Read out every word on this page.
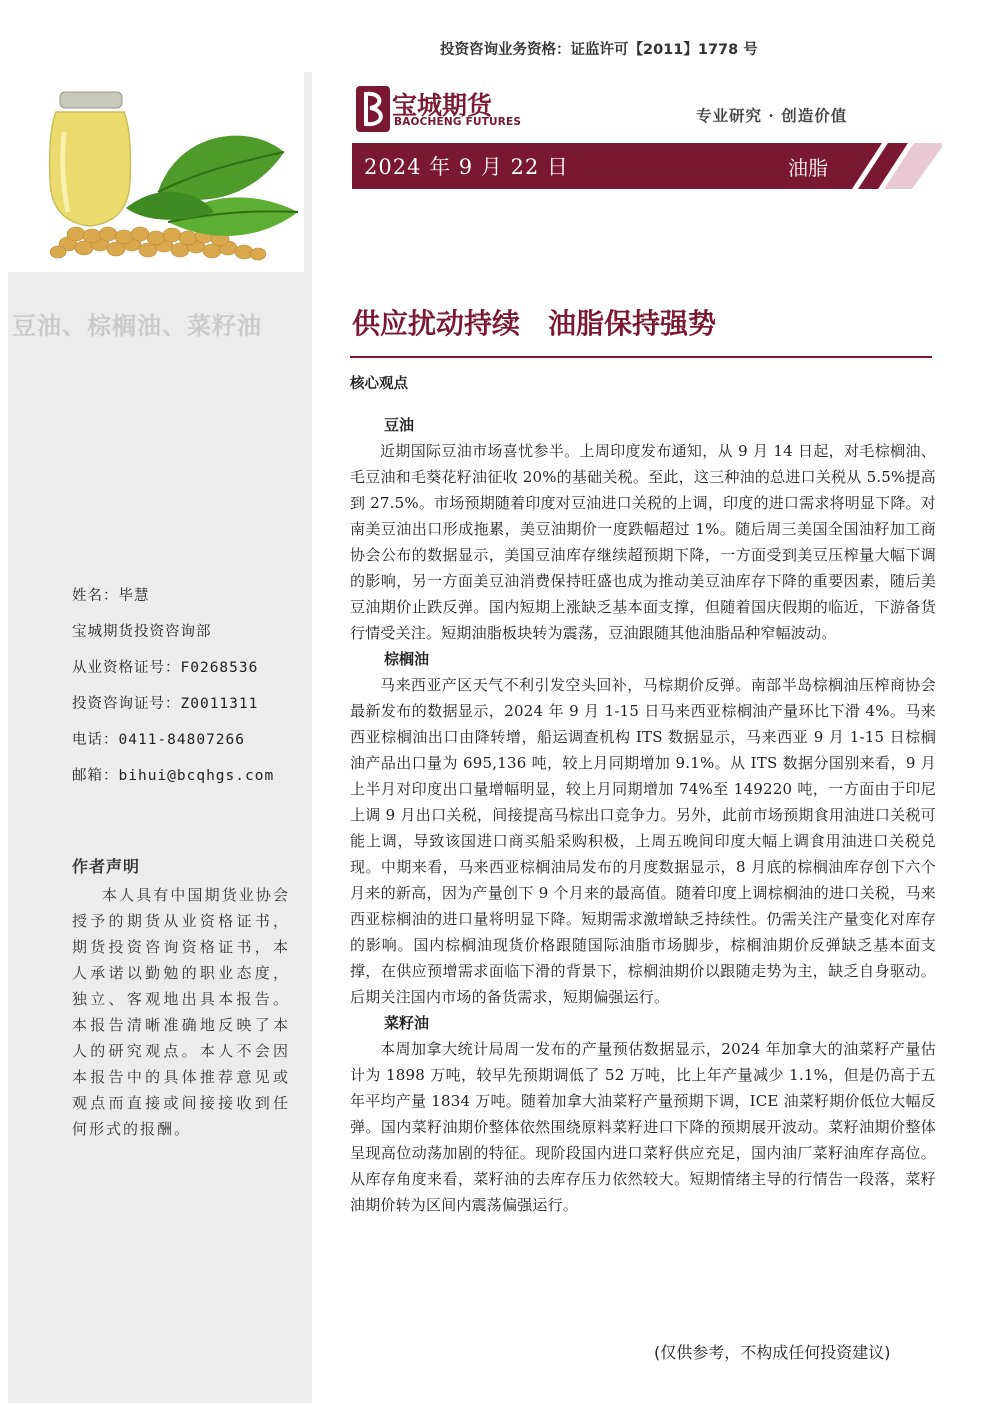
豆油、棕榈油、菜籽油
姓名：毕慧
宝城期货投资咨询部
从业资格证号：F0268536
投资咨询证号：Z0011311
电话：0411-84807266
邮箱：bihui@bcqhgs.com
作者声明
本人具有中国期货业协会授予的期货从业资格证书，期货投资咨询资格证书，本人承诺以勤勉的职业态度，独立、客观地出具本报告。本报告清晰准确地反映了本人的研究观点。本人不会因本报告中的具体推荐意见或观点而直接或间接接收到任何形式的报酬。
投资咨询业务资格：证监许可【2011】1778 号
宝城期货
BAOCHENG FUTURES	专业研究 · 创造价值
2024 年 9 月 22 日	油脂
供应扰动持续　油脂保持强势
核心观点
豆油
近期国际豆油市场喜忧参半。上周印度发布通知，从 9 月 14 日起，对毛棕榈油、毛豆油和毛葵花籽油征收 20%的基础关税。至此，这三种油的总进口关税从 5.5%提高到 27.5%。市场预期随着印度对豆油进口关税的上调，印度的进口需求将明显下降。对南美豆油出口形成拖累，美豆油期价一度跌幅超过 1%。随后周三美国全国油籽加工商协会公布的数据显示，美国豆油库存继续超预期下降，一方面受到美豆压榨量大幅下调的影响，另一方面美豆油消费保持旺盛也成为推动美豆油库存下降的重要因素，随后美豆油期价止跌反弹。国内短期上涨缺乏基本面支撑，但随着国庆假期的临近，下游备货行情受关注。短期油脂板块转为震荡，豆油跟随其他油脂品种窄幅波动。
棕榈油
马来西亚产区天气不利引发空头回补，马棕期价反弹。南部半岛棕榈油压榨商协会最新发布的数据显示，2024 年 9 月 1-15 日马来西亚棕榈油产量环比下滑 4%。马来西亚棕榈油出口由降转增，船运调查机构 ITS 数据显示，马来西亚 9 月 1-15 日棕榈油产品出口量为 695,136 吨，较上月同期增加 9.1%。从 ITS 数据分国别来看，9 月上半月对印度出口量增幅明显，较上月同期增加 74%至 149220 吨，一方面由于印尼上调 9 月出口关税，间接提高马棕出口竞争力。另外，此前市场预期食用油进口关税可能上调，导致该国进口商买船采购积极，上周五晚间印度大幅上调食用油进口关税兑现。中期来看，马来西亚棕榈油局发布的月度数据显示，8 月底的棕榈油库存创下六个月来的新高，因为产量创下 9 个月来的最高值。随着印度上调棕榈油的进口关税，马来西亚棕榈油的进口量将明显下降。短期需求激增缺乏持续性。仍需关注产量变化对库存的影响。国内棕榈油现货价格跟随国际油脂市场脚步，棕榈油期价反弹缺乏基本面支撑，在供应预增需求面临下滑的背景下，棕榈油期价以跟随走势为主，缺乏自身驱动。后期关注国内市场的备货需求，短期偏强运行。
菜籽油
本周加拿大统计局周一发布的产量预估数据显示，2024 年加拿大的油菜籽产量估计为 1898 万吨，较早先预期调低了 52 万吨，比上年产量减少 1.1%，但是仍高于五年平均产量 1834 万吨。随着加拿大油菜籽产量预期下调，ICE 油菜籽期价低位大幅反弹。国内菜籽油期价整体依然围绕原料菜籽进口下降的预期展开波动。菜籽油期价整体呈现高位动荡加剧的特征。现阶段国内进口菜籽供应充足，国内油厂菜籽油库存高位。从库存角度来看，菜籽油的去库存压力依然较大。短期情绪主导的行情告一段落，菜籽油期价转为区间内震荡偏强运行。
(仅供参考，不构成任何投资建议)
